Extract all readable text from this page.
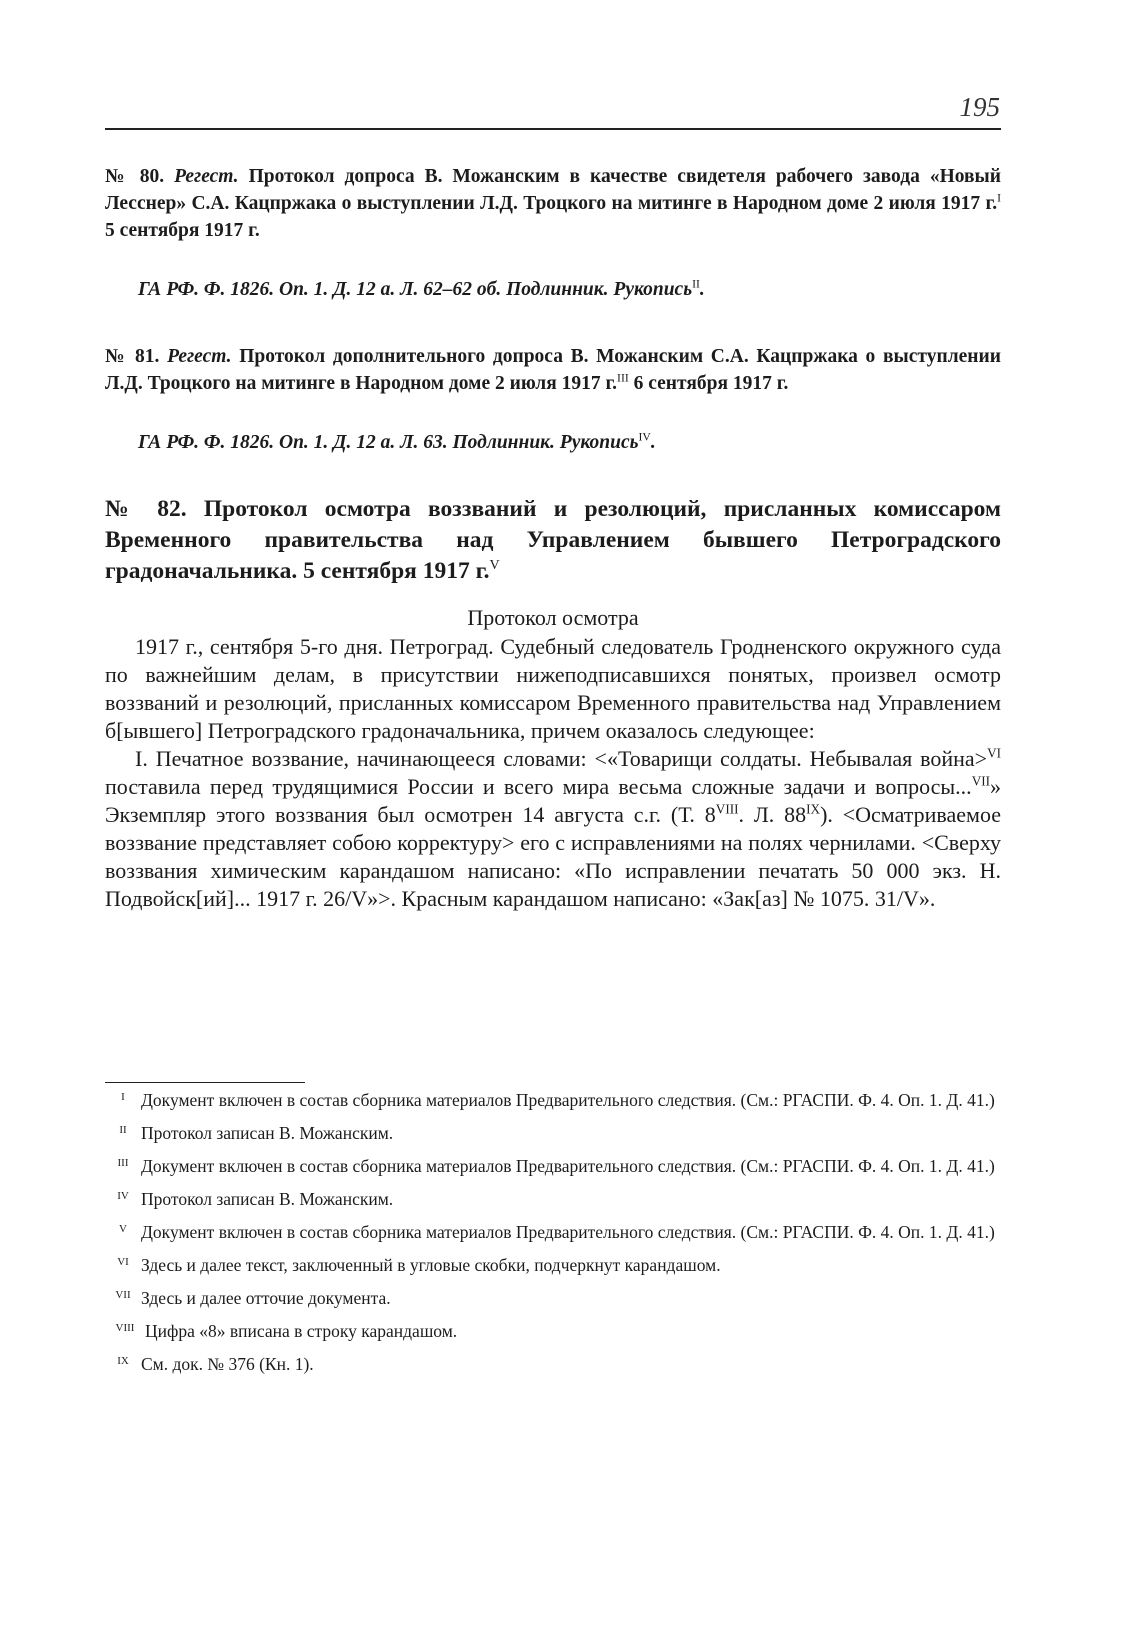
195

№ 80. Регест. Протокол допроса В. Можанским в качестве свидетеля рабочего завода «Новый Лесснер» С.А. Кацпржака о выступлении Л.Д. Троцкого на митинге в Народном доме 2 июля 1917 г.$^I$ 5 сентября 1917 г.

ГА РФ. Ф. 1826. Оп. 1. Д. 12 а. Л. 62–62 об. Подлинник. Рукопись$^{II}$.

№ 81. Регест. Протокол дополнительного допроса В. Можанским С.А. Кацпржака о выступлении Л.Д. Троцкого на митинге в Народном доме 2 июля 1917 г.$^{III}$ 6 сентября 1917 г.

ГА РФ. Ф. 1826. Оп. 1. Д. 12 а. Л. 63. Подлинник. Рукопись$^{IV}$.

№ 82. Протокол осмотра воззваний и резолюций, присланных комиссаром Временного правительства над Управлением бывшего Петроградского градоначальника. 5 сентября 1917 г.$^V$

Протокол осмотра

1917 г., сентября 5-го дня. Петроград. Судебный следователь Гродненского окружного суда по важнейшим делам, в присутствии нижеподписавшихся понятых, произвел осмотр воззваний и резолюций, присланных комиссаром Временного правительства над Управлением б[ывшего] Петроградского градоначальника, причем оказалось следующее:

I. Печатное воззвание, начинающееся словами: <«Товарищи солдаты. Небывалая война>$^{VI}$ поставила перед трудящимися России и всего мира весьма сложные задачи и вопросы...$^{VII}$» Экземпляр этого воззвания был осмотрен 14 августа с.г. (Т. $8^{VIII}$. Л. $88^{IX}$). <Осматриваемое воззвание представляет собою корректуру> его с исправлениями на полях чернилами. <Сверху воззвания химическим карандашом написано: «По исправлении печатать 50 000 экз. Н. Подвойск[ий]... 1917 г. 26/V»>. Красным карандашом написано: «Зак[аз] № 1075. 31/V».

I Документ включен в состав сборника материалов Предварительного следствия. (См.: РГАСПИ. Ф. 4. Оп. 1. Д. 41.)

II Протокол записан В. Можанским.

III Документ включен в состав сборника материалов Предварительного следствия. (См.: РГАСПИ. Ф. 4. Оп. 1. Д. 41.)

IV Протокол записан В. Можанским.

V Документ включен в состав сборника материалов Предварительного следствия. (См.: РГАСПИ. Ф. 4. Оп. 1. Д. 41.)

VI Здесь и далее текст, заключенный в угловые скобки, подчеркнут карандашом.

VII Здесь и далее отточие документа.

VIII Цифра «8» вписана в строку карандашом.

IX См. док. № 376 (Кн. 1).
